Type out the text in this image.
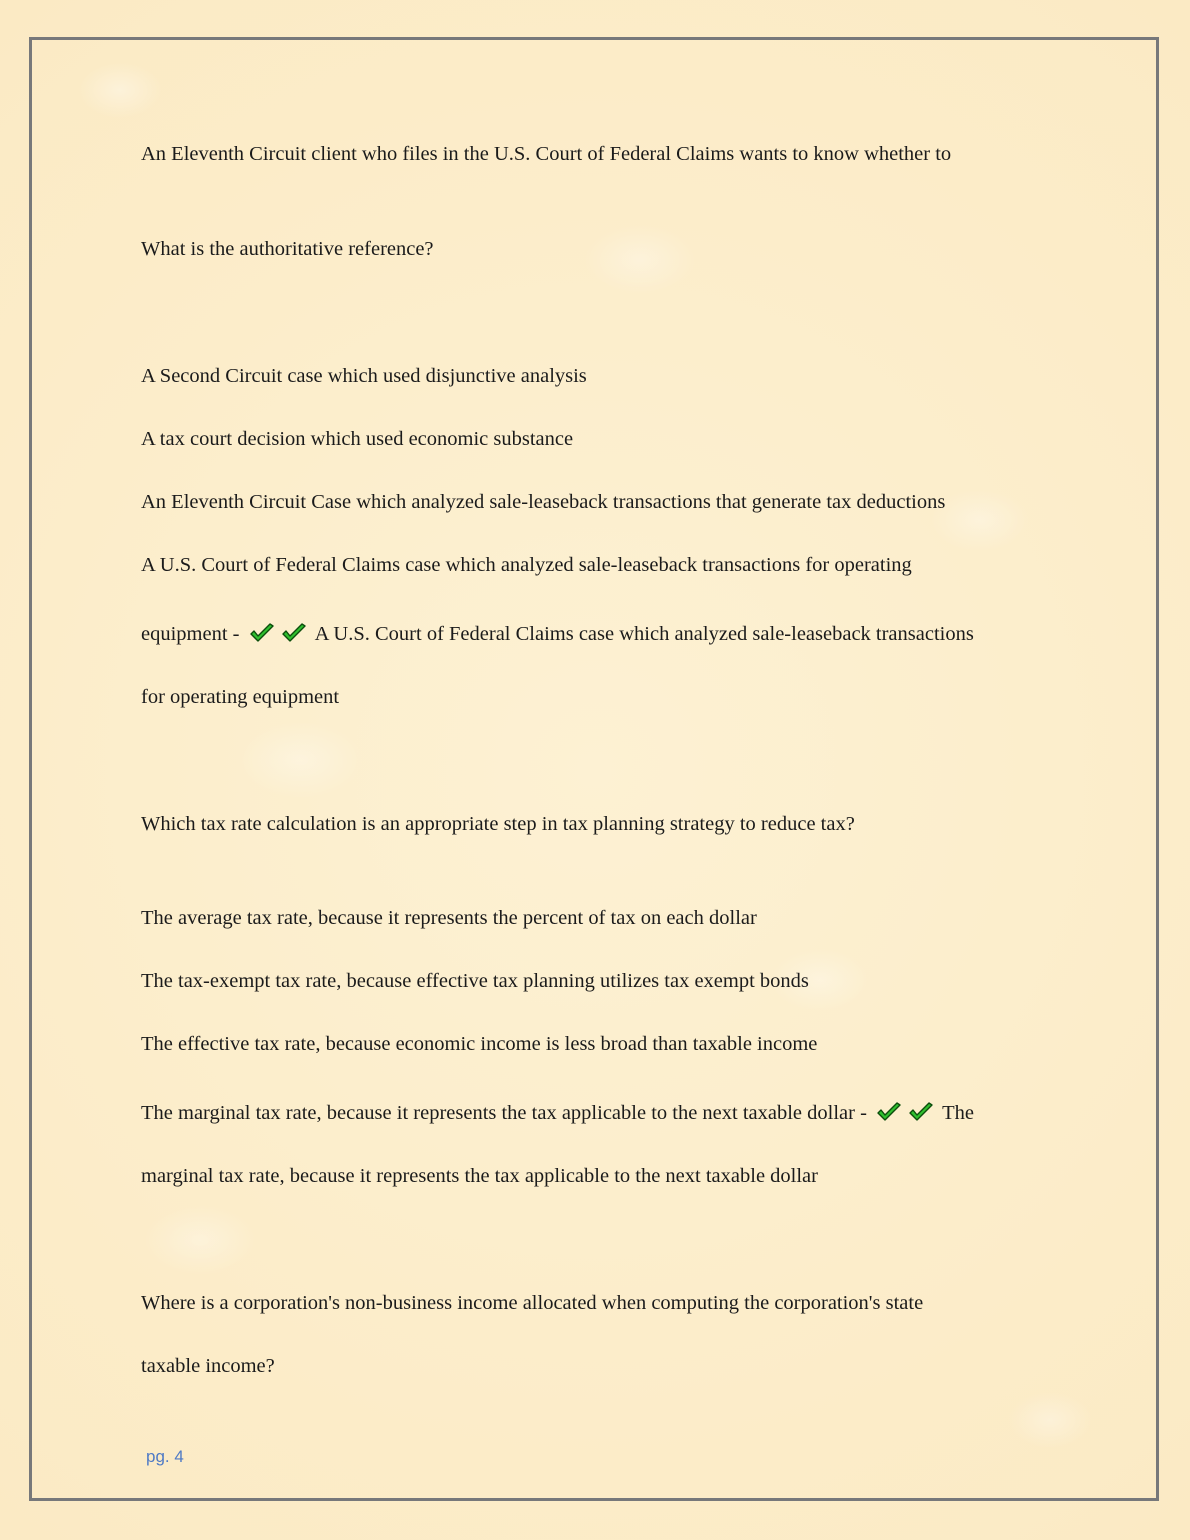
An Eleventh Circuit client who files in the U.S. Court of Federal Claims wants to know whether to
What is the authoritative reference?
A Second Circuit case which used disjunctive analysis
A tax court decision which used economic substance
An Eleventh Circuit Case which analyzed sale-leaseback transactions that generate tax deductions
A U.S. Court of Federal Claims case which analyzed sale-leaseback transactions for operating
equipment -	A U.S. Court of Federal Claims case which analyzed sale-leaseback transactions
for operating equipment
Which tax rate calculation is an appropriate step in tax planning strategy to reduce tax?
The average tax rate, because it represents the percent of tax on each dollar
The tax-exempt tax rate, because effective tax planning utilizes tax exempt bonds
The effective tax rate, because economic income is less broad than taxable income
The marginal tax rate, because it represents the tax applicable to the next taxable dollar -	The
marginal tax rate, because it represents the tax applicable to the next taxable dollar
Where is a corporation's non-business income allocated when computing the corporation's state
taxable income?
pg. 4
